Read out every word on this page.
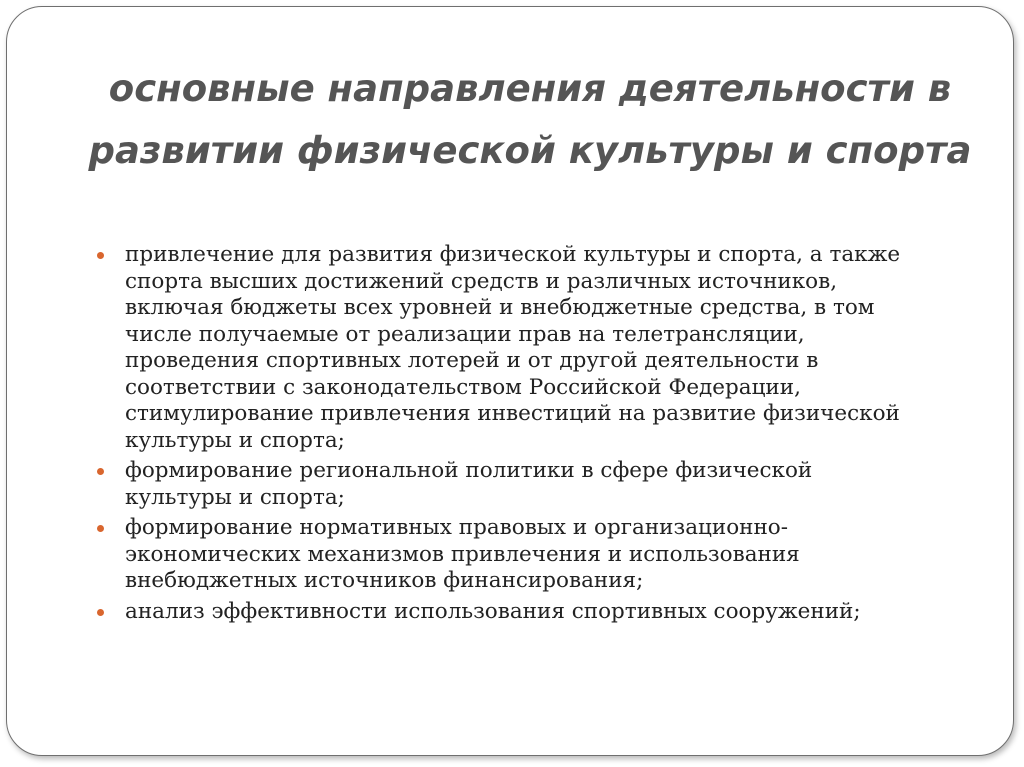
основные направления деятельности в развитии физической культуры и спорта
привлечение для развития физической культуры и спорта, а также спорта высших достижений средств и различных источников, включая бюджеты всех уровней и внебюджетные средства, в том числе получаемые от реализации прав на телетрансляции, проведения спортивных лотерей и от другой деятельности в соответствии с законодательством Российской Федерации, стимулирование привлечения инвестиций на развитие физической культуры и спорта;
формирование региональной политики в сфере физической культуры и спорта;
формирование нормативных правовых и организационно-экономических механизмов привлечения и использования внебюджетных источников финансирования;
анализ эффективности использования спортивных сооружений;
